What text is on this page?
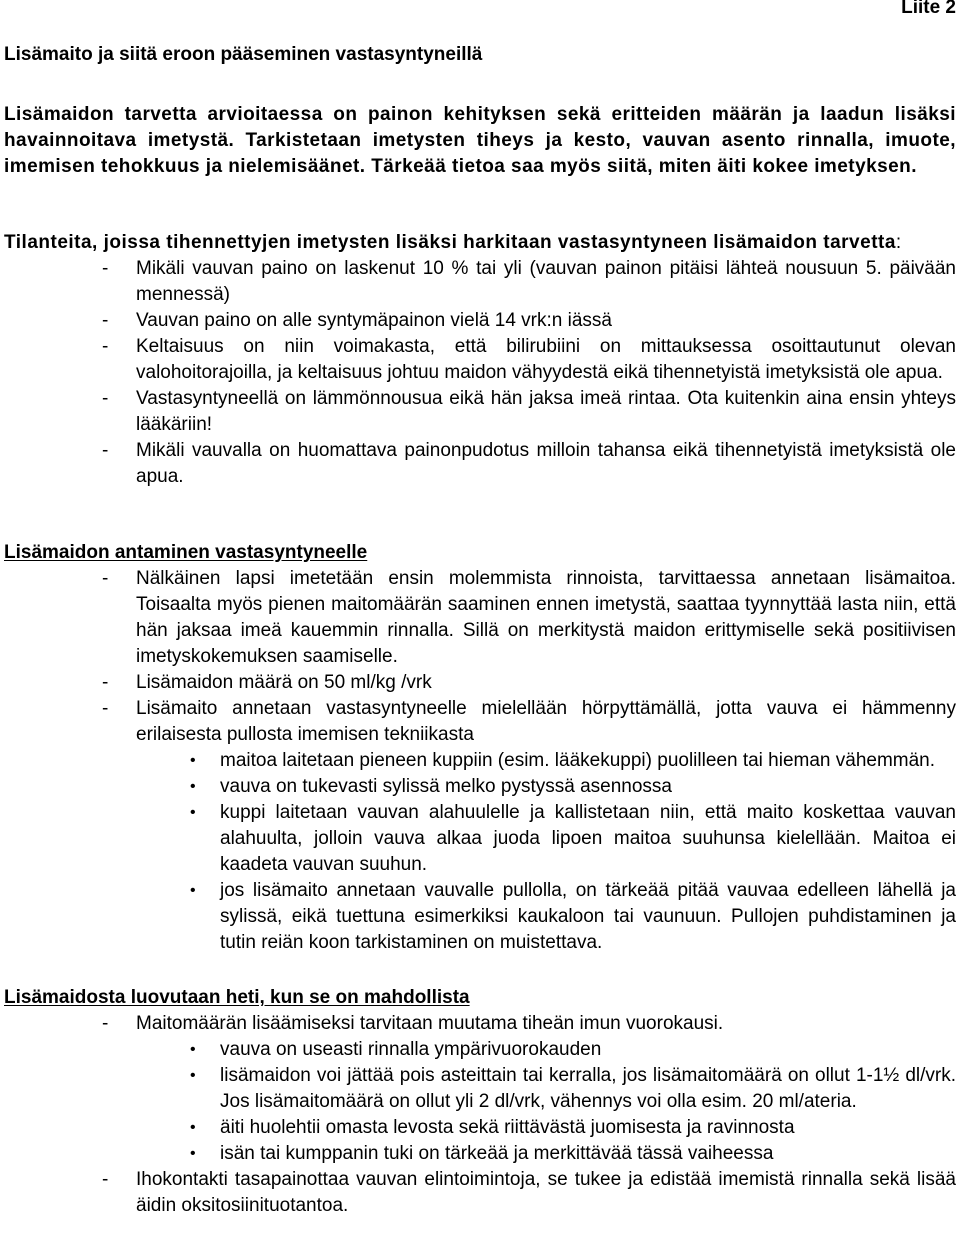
Liite 2
Lisämaito ja siitä eroon pääseminen vastasyntyneillä
Lisämaidon tarvetta arvioitaessa on painon kehityksen sekä eritteiden määrän ja laadun lisäksi havainnoitava imetystä. Tarkistetaan imetysten tiheys ja kesto, vauvan asento rinnalla, imuote, imemisen tehokkuus ja nielemisäänet. Tärkeää tietoa saa myös siitä, miten äiti kokee imetyksen.
Tilanteita, joissa tihennettyjen imetysten lisäksi harkitaan vastasyntyneen lisämaidon tarvetta:
- Mikäli vauvan paino on laskenut 10 % tai yli (vauvan painon pitäisi lähteä nousuun 5. päivään mennessä)
- Vauvan paino on alle syntymäpainon vielä 14 vrk:n iässä
- Keltaisuus on niin voimakasta, että bilirubiini on mittauksessa osoittautunut olevan valohoitorajoilla, ja keltaisuus johtuu maidon vähyydestä eikä tihennetyistä imetyksistä ole apua.
- Vastasyntyneellä on lämmönnousua eikä hän jaksa imeä rintaa. Ota kuitenkin aina ensin yhteys lääkäriin!
- Mikäli vauvalla on huomattava painonpudotus milloin tahansa eikä tihennetyistä imetyksistä ole apua.
Lisämaidon antaminen vastasyntyneelle
- Nälkäinen lapsi imetetään ensin molemmista rinnoista, tarvittaessa annetaan lisämaitoa. Toisaalta myös pienen maitomäärän saaminen ennen imetystä, saattaa tyynnyttää lasta niin, että hän jaksaa imeä kauemmin rinnalla. Sillä on merkitystä maidon erittymiselle sekä positiivisen imetyskokemuksen saamiselle.
- Lisämaidon määrä on 50 ml/kg /vrk
- Lisämaito annetaan vastasyntyneelle mielellään hörpyttämällä, jotta vauva ei hämmenny erilaisesta pullosta imemisen tekniikasta
• maitoa laitetaan pieneen kuppiin (esim. lääkekuppi) puolilleen tai hieman vähemmän.
• vauva on tukevasti sylissä melko pystyssä asennossa
• kuppi laitetaan vauvan alahuulelle ja kallistetaan niin, että maito koskettaa vauvan alahuulta, jolloin vauva alkaa juoda lipoen maitoa suuhunsa kielellään. Maitoa ei kaadeta vauvan suuhun.
• jos lisämaito annetaan vauvalle pullolla, on tärkeää pitää vauvaa edelleen lähellä ja sylissä, eikä tuettuna esimerkiksi kaukaloon tai vaunuun. Pullojen puhdistaminen ja tutin reiän koon tarkistaminen on muistettava.
Lisämaidosta luovutaan heti, kun se on mahdollista
- Maitomäärän lisäämiseksi tarvitaan muutama tiheän imun vuorokausi.
• vauva on useasti rinnalla ympärivuorokauden
• lisämaidon voi jättää pois asteittain tai kerralla, jos lisämaitomäärä on ollut 1-1½ dl/vrk. Jos lisämaitomäärä on ollut yli 2 dl/vrk, vähennys voi olla esim. 20 ml/ateria.
• äiti huolehtii omasta levosta sekä riittävästä juomisesta ja ravinnosta
• isän tai kumppanin tuki on tärkeää ja merkittävää tässä vaiheessa
- Ihokontakti tasapainottaa vauvan elintoimintoja, se tukee ja edistää imemistä rinnalla sekä lisää äidin oksitosiinituotantoa.
